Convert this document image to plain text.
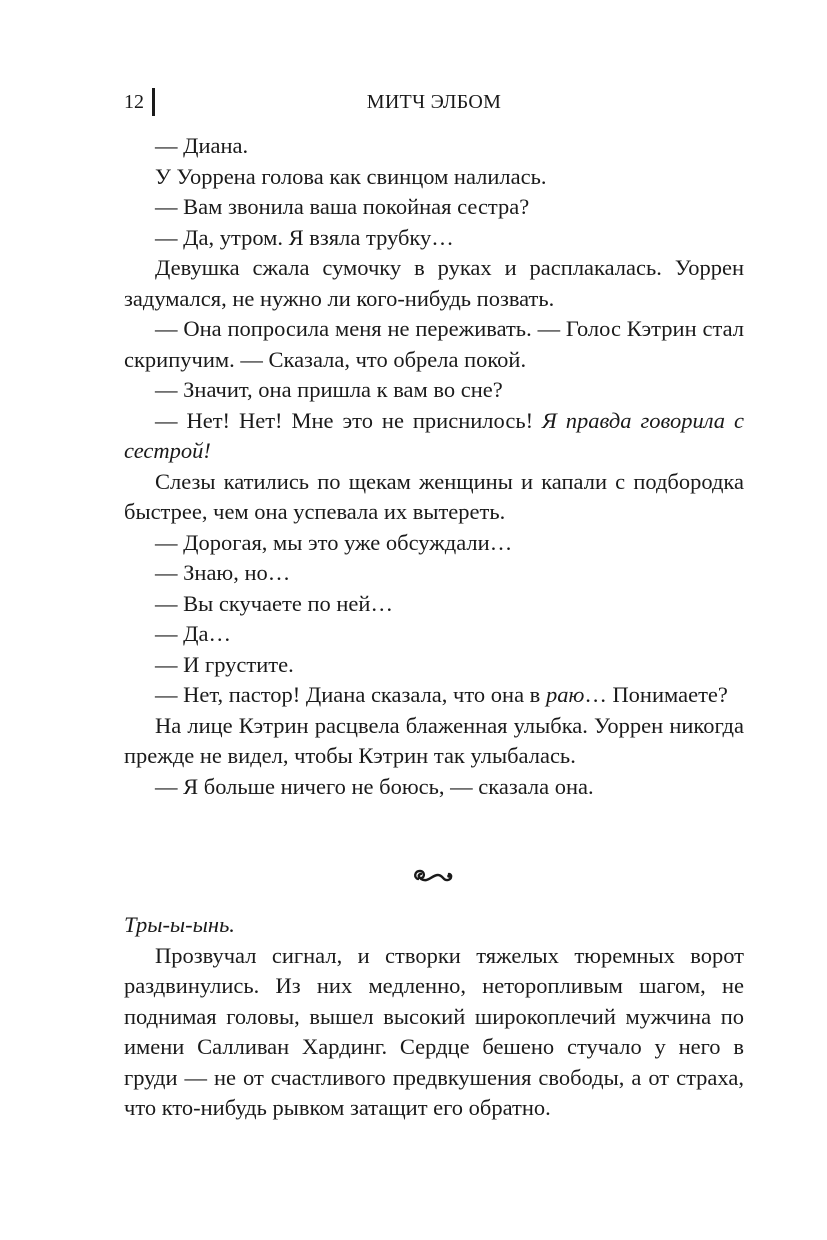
12	МИТЧ ЭЛБОМ

— Диана.

У Уоррена голова как свинцом налилась.

— Вам звонила ваша покойная сестра?

— Да, утром. Я взяла трубку…

Девушка сжала сумочку в руках и расплакалась. Уоррен задумался, не нужно ли кого-нибудь позвать.

— Она попросила меня не переживать. — Голос Кэтрин стал скрипучим. — Сказала, что обрела покой.

— Значит, она пришла к вам во сне?

— Нет! Нет! Мне это не приснилось! Я правда говорила с сестрой!

Слезы катились по щекам женщины и капали с подбородка быстрее, чем она успевала их вытереть.

— Дорогая, мы это уже обсуждали…

— Знаю, но…

— Вы скучаете по ней…

— Да…

— И грустите.

— Нет, пастор! Диана сказала, что она в раю… Понимаете?

На лице Кэтрин расцвела блаженная улыбка. Уоррен никогда прежде не видел, чтобы Кэтрин так улыбалась.

— Я больше ничего не боюсь, — сказала она.

Тры-ы-ынь.

Прозвучал сигнал, и створки тяжелых тюремных ворот раздвинулись. Из них медленно, неторопливым шагом, не поднимая головы, вышел высокий широкоплечий мужчина по имени Салливан Хардинг. Сердце бешено стучало у него в груди — не от счастливого предвкушения свободы, а от страха, что кто-нибудь рывком затащит его обратно.
